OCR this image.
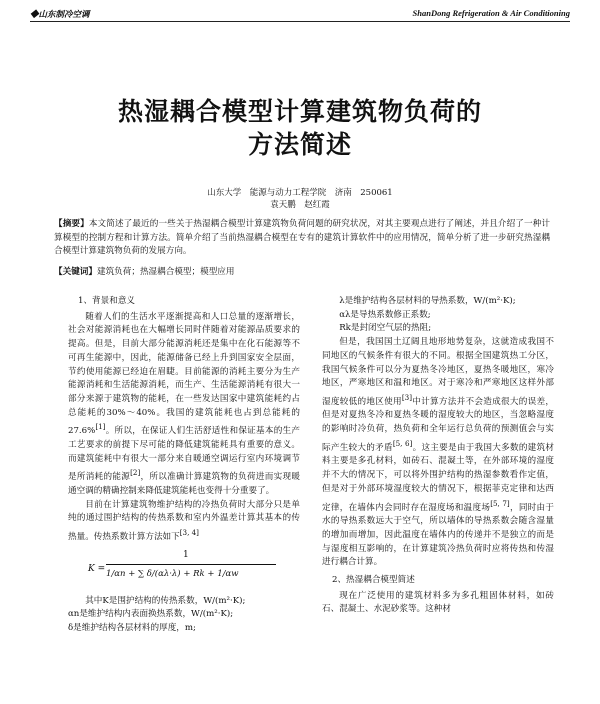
◆山东制冷空调	ShanDong Refrigeration & Air Conditioning
热湿耦合模型计算建筑物负荷的
方法简述
山东大学　能源与动力工程学院　济南　250061
袁天鹏　赵红霞
【摘要】本文简述了最近的一些关于热湿耦合模型计算建筑物负荷问题的研究状况，对其主要观点进行了阐述，并且介绍了一种计算模型的控制方程和计算方法。简单介绍了当前热湿耦合模型在专有的建筑计算软件中的应用情况，简单分析了进一步研究热湿耦合模型计算建筑物负荷的发展方向。
【关键词】建筑负荷；热湿耦合模型；模型应用
1、背景和意义

随着人们的生活水平逐渐提高和人口总量的逐渐增长，社会对能源消耗也在大幅增长同时伴随着对能源品质要求的提高。但是，目前大部分能源消耗还是集中在化石能源等不可再生能源中，因此，能源储备已经上升到国家安全层面，节约使用能源已经迫在眉睫。目前能源的消耗主要分为生产能源消耗和生活能源消耗，而生产、生活能源消耗有很大一部分来源于建筑物的能耗，在一些发达国家中建筑能耗约占总能耗的30%～40%。我国的建筑能耗也占到总能耗的27.6%[1]。所以，在保证人们生活舒适性和保证基本的生产工艺要求的前提下尽可能的降低建筑能耗具有重要的意义。而建筑能耗中有很大一部分来自暖通空调运行室内环境调节是所消耗的能源[2]，所以准确计算建筑物的负荷进而实现暖通空调的精确控制来降低建筑能耗也变得十分重要了。

目前在计算建筑物维护结构的冷热负荷时大部分只是单纯的通过围护结构的传热系数和室内外温差计算其基本的传热量。传热系数计算方法如下[3, 4]

K =
1
1/αn + ∑ δ/(αλ·λ) + Rk + 1/αw

其中K是围护结构的传热系数，W/(m²·K);

αn是维护结构内表面换热系数，W/(m²·K);

δ是维护结构各层材料的厚度，m;

λ是维护结构各层材料的导热系数，W/(m²·K);

αλ是导热系数修正系数;

Rk是封闭空气层的热阻;

但是，我国国土辽阔且地形地势复杂，这就造成我国不同地区的气候条件有很大的不同。根据全国建筑热工分区，我国气候条件可以分为夏热冬冷地区，夏热冬暖地区，寒冷地区，严寒地区和温和地区。对于寒冷和严寒地区这样外部湿度较低的地区使用[3]中计算方法并不会造成很大的误差，但是对夏热冬冷和夏热冬暖的湿度较大的地区，当忽略湿度的影响时冷负荷，热负荷和全年运行总负荷的预测值会与实际产生较大的矛盾[5, 6]。这主要是由于我国大多数的建筑材料主要是多孔材料，如砖石、混凝土等，在外部环境的湿度并不大的情况下，可以将外围护结构的热湿参数看作定值，但是对于外部环境湿度较大的情况下，根据菲克定律和达西定律，在墙体内会同时存在湿度场和温度场[5, 7]，同时由于水的导热系数远大于空气，所以墙体的导热系数会随含湿量的增加而增加，因此温度在墙体内的传递并不是独立的而是与湿度相互影响的，在计算建筑冷热负荷时应将传热和传湿进行耦合计算。

2、热湿耦合模型简述

现在广泛使用的建筑材料多为多孔粗固体材料，如砖石、混凝土、水泥砂浆等。这种材
